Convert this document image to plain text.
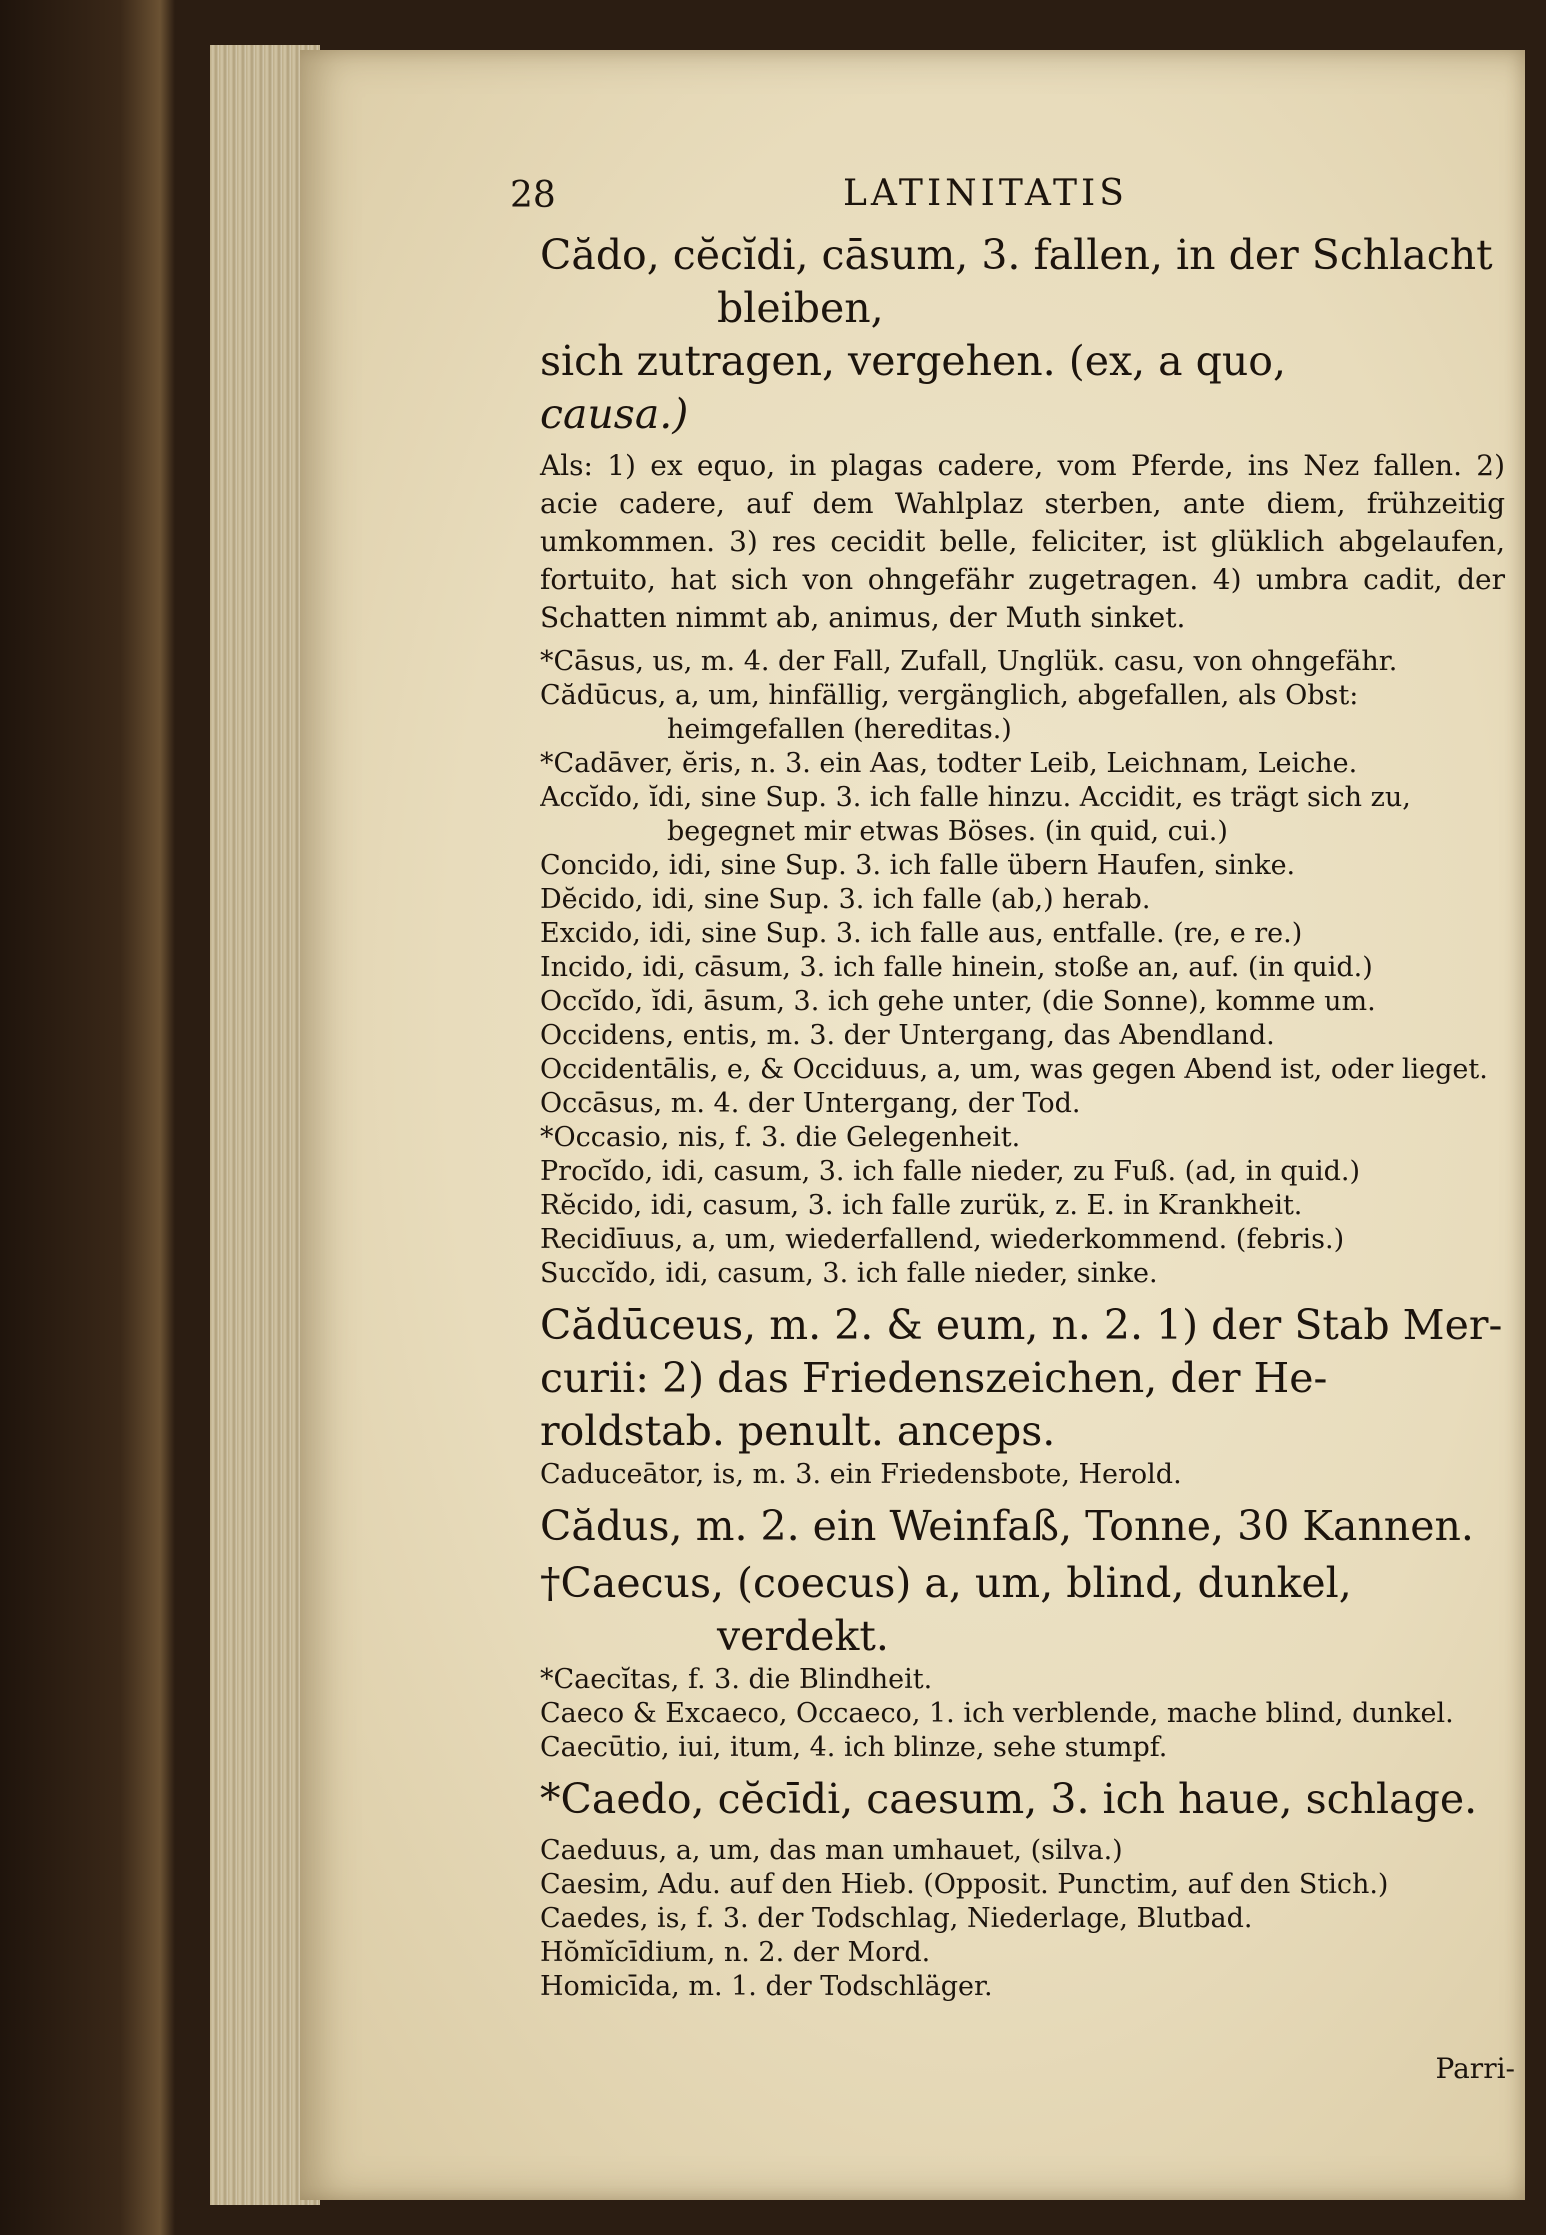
28	LATINITATIS
Cădo, cĕcĭdi, cāsum, 3. fallen, in der Schlacht bleiben,
sich zutragen, vergehen. (ex, a quo,
causa.)
Als: 1) ex equo, in plagas cadere, vom Pferde, ins Nez fallen. 2) acie cadere, auf dem Wahlplaz sterben, ante diem, frühzeitig umkommen. 3) res cecidit belle, feliciter, ist glüklich abgelaufen, fortuito, hat sich von ohngefähr zugetragen. 4) umbra cadit, der Schatten nimmt ab, animus, der Muth sinket.
*Cāsus, us, m. 4. der Fall, Zufall, Unglük. casu, von ohngefähr.
Cădūcus, a, um, hinfällig, vergänglich, abgefallen, als Obst:
heimgefallen (hereditas.)
*Cadāver, ĕris, n. 3. ein Aas, todter Leib, Leichnam, Leiche.
Accĭdo, ĭdi, sine Sup. 3. ich falle hinzu. Accidit, es trägt sich zu,
begegnet mir etwas Böses. (in quid, cui.)
Concido, idi, sine Sup. 3. ich falle übern Haufen, sinke.
Dĕcido, idi, sine Sup. 3. ich falle (ab,) herab.
Excido, idi, sine Sup. 3. ich falle aus, entfalle. (re, e re.)
Incido, idi, cāsum, 3. ich falle hinein, stoße an, auf. (in quid.)
Occĭdo, ĭdi, āsum, 3. ich gehe unter, (die Sonne), komme um.
Occidens, entis, m. 3. der Untergang, das Abendland.
Occidentālis, e, & Occiduus, a, um, was gegen Abend ist, oder lieget.
Occāsus, m. 4. der Untergang, der Tod.
*Occasio, nis, f. 3. die Gelegenheit.
Procĭdo, idi, casum, 3. ich falle nieder, zu Fuß. (ad, in quid.)
Rĕcido, idi, casum, 3. ich falle zurük, z. E. in Krankheit.
Recidīuus, a, um, wiederfallend, wiederkommend. (febris.)
Succĭdo, idi, casum, 3. ich falle nieder, sinke.
Cădūceus, m. 2. & eum, n. 2. 1) der Stab Mer-
curii: 2) das Friedenszeichen, der He-
roldstab. penult. anceps.
Caduceātor, is, m. 3. ein Friedensbote, Herold.
Cădus, m. 2. ein Weinfaß, Tonne, 30 Kannen.
†Caecus, (coecus) a, um, blind, dunkel, verdekt.
*Caecĭtas, f. 3. die Blindheit.
Caeco & Excaeco, Occaeco, 1. ich verblende, mache blind, dunkel.
Caecūtio, iui, itum, 4. ich blinze, sehe stumpf.
*Caedo, cĕcīdi, caesum, 3. ich haue, schlage.
Caeduus, a, um, das man umhauet, (silva.)
Caesim, Adu. auf den Hieb. (Opposit. Punctim, auf den Stich.)
Caedes, is, f. 3. der Todschlag, Niederlage, Blutbad.
Hŏmĭcīdium, n. 2. der Mord.
Homicīda, m. 1. der Todschläger.
Parri-
